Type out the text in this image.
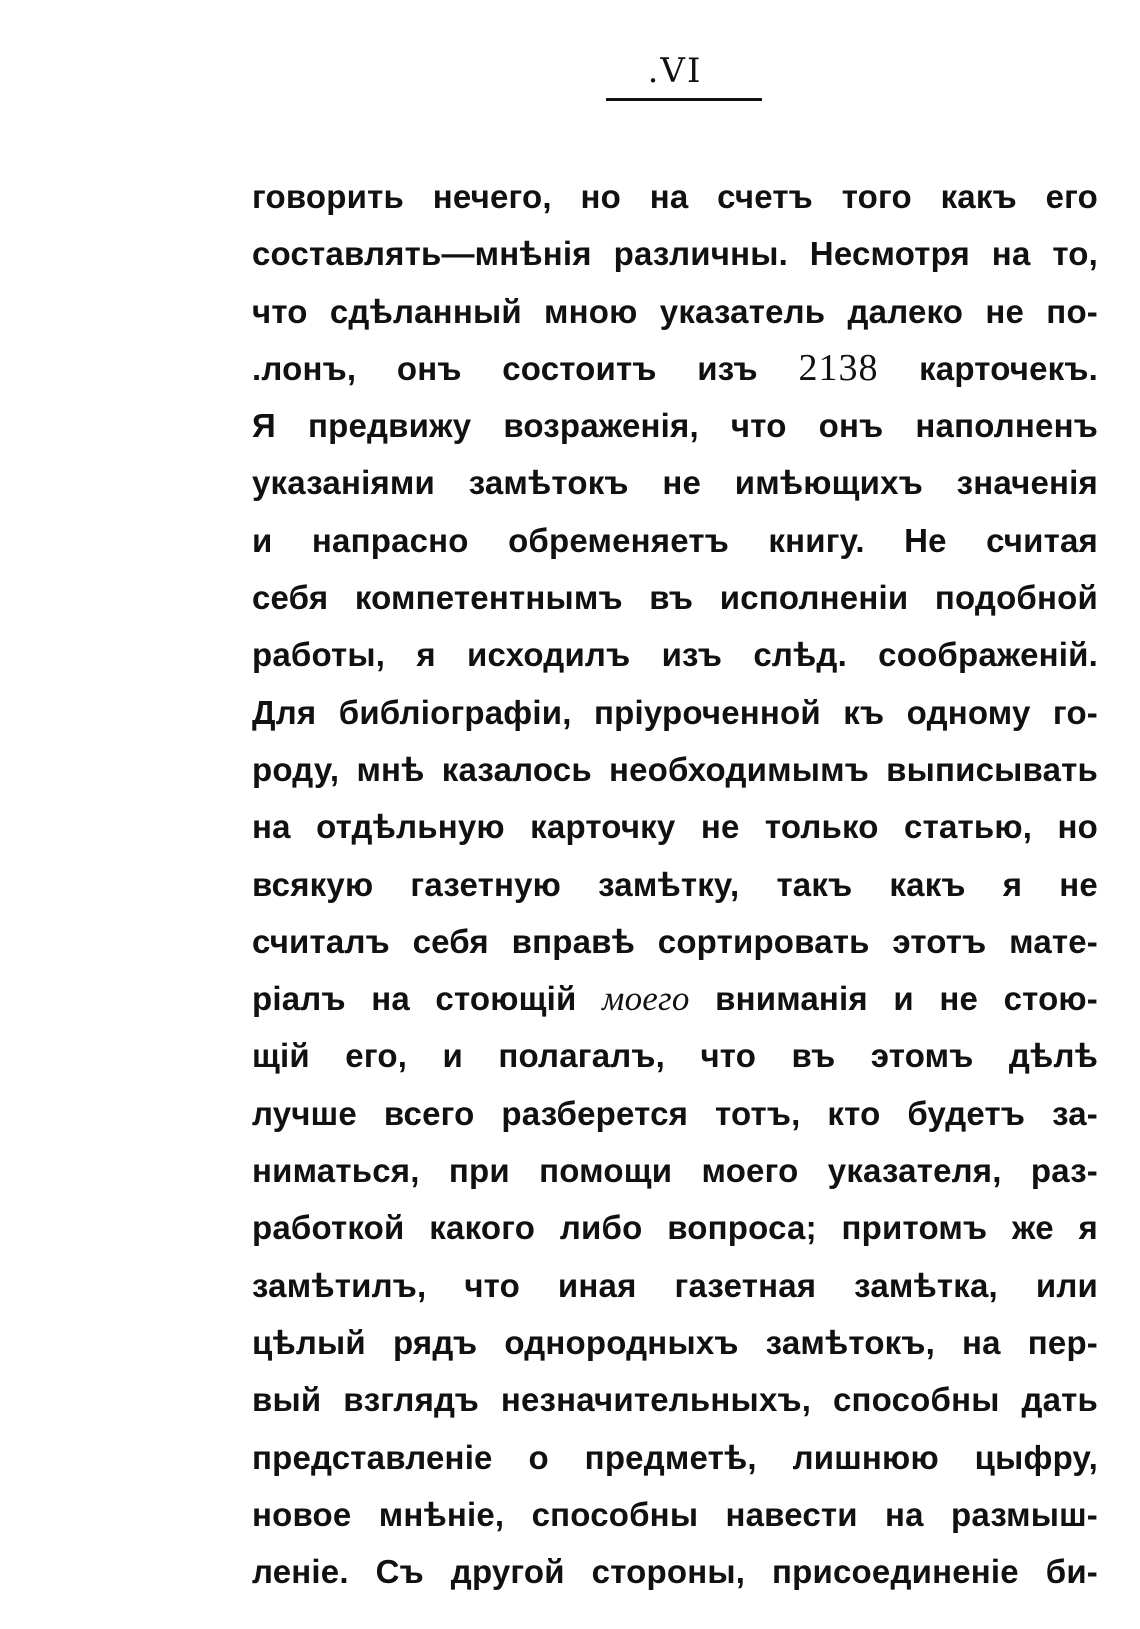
.VI
говорить нечего, но на счетъ того какъ его
составлять—мнѣнія различны. Несмотря на то,
что сдѣланный мною указатель далеко не по-
.лонъ, онъ состоитъ изъ 2138 карточекъ.
Я предвижу возраженія, что онъ наполненъ
указаніями замѣтокъ не имѣющихъ значенія
и напрасно обременяетъ книгу. Не считая
себя компетентнымъ въ исполненіи подобной
работы, я исходилъ изъ слѣд. соображеній.
Для библіографіи, пріуроченной къ одному го-
роду, мнѣ казалось необходимымъ выписывать
на отдѣльную карточку не только статью, но
всякую газетную замѣтку, такъ какъ я не
считалъ себя вправѣ сортировать этотъ мате-
ріалъ на стоющій моего вниманія и не стою-
щій его, и полагалъ, что въ этомъ дѣлѣ
лучше всего разберется тотъ, кто будетъ за-
ниматься, при помощи моего указателя, раз-
работкой какого либо вопроса; притомъ же я
замѣтилъ, что иная газетная замѣтка, или
цѣлый рядъ однородныхъ замѣтокъ, на пер-
вый взглядъ незначительныхъ, способны дать
представленіе о предметѣ, лишнюю цыфру,
новое мнѣніе, способны навести на размыш-
леніе. Съ другой стороны, присоединеніе би-
